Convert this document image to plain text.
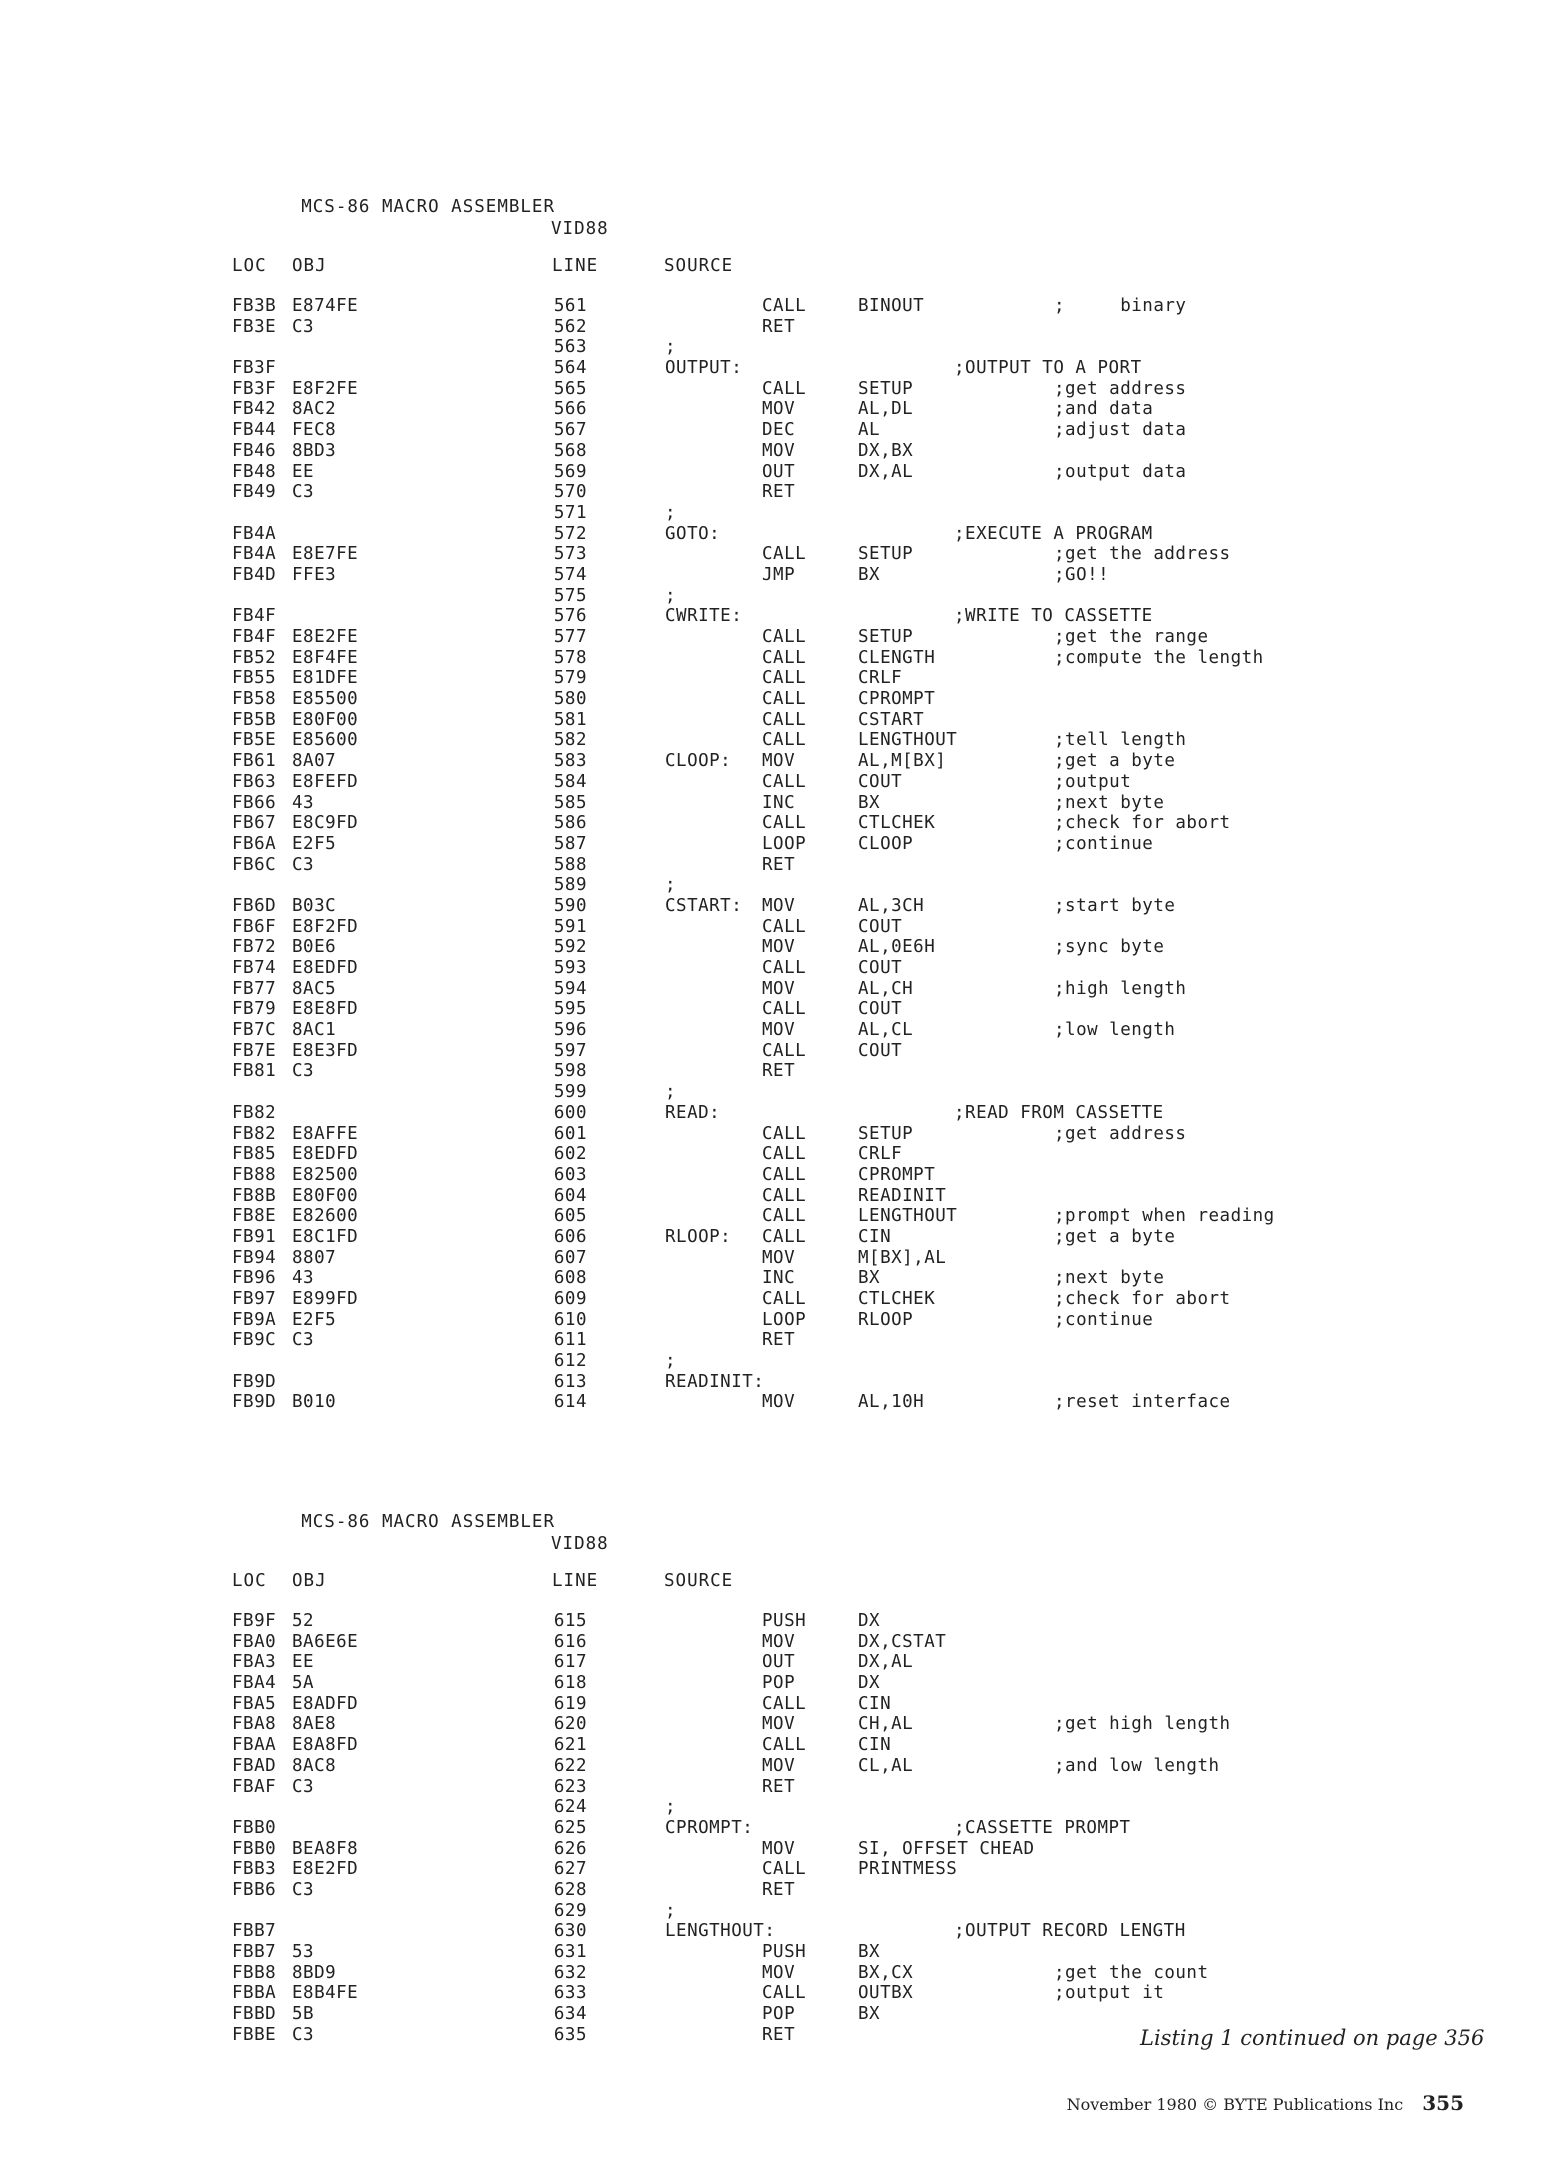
MCS-86 MACRO ASSEMBLER

VID88

LOC OBJ	LINE	SOURCE
FB3B E874FE	561	CALL	BINOUT	;     binary
FB3E C3	562	RET
563	;
FB3F	564	OUTPUT:	;OUTPUT TO A PORT
FB3F E8F2FE	565	CALL	SETUP	;get address
FB42 8AC2	566	MOV	AL,DL	;and data
FB44 FEC8	567	DEC	AL	;adjust data
FB46 8BD3	568	MOV	DX,BX
FB48 EE	569	OUT	DX,AL	;output data
FB49 C3	570	RET
571	;
FB4A	572	GOTO:	;EXECUTE A PROGRAM
FB4A E8E7FE	573	CALL	SETUP	;get the address
FB4D FFE3	574	JMP	BX	;GO!!
575	;
FB4F	576	CWRITE:	;WRITE TO CASSETTE
FB4F E8E2FE	577	CALL	SETUP	;get the range
FB52 E8F4FE	578	CALL	CLENGTH	;compute the length
FB55 E81DFE	579	CALL	CRLF
FB58 E85500	580	CALL	CPROMPT
FB5B E80F00	581	CALL	CSTART
FB5E E85600	582	CALL	LENGTHOUT	;tell length
FB61 8A07	583	CLOOP: MOV	AL,M[BX]	;get a byte
FB63 E8FEFD	584	CALL	COUT	;output
FB66 43	585	INC	BX	;next byte
FB67 E8C9FD	586	CALL	CTLCHEK	;check for abort
FB6A E2F5	587	LOOP	CLOOP	;continue
FB6C C3	588	RET
589	;
FB6D B03C	590	CSTART: MOV	AL,3CH	;start byte
FB6F E8F2FD	591	CALL	COUT
FB72 B0E6	592	MOV	AL,0E6H	;sync byte
FB74 E8EDFD	593	CALL	COUT
FB77 8AC5	594	MOV	AL,CH	;high length
FB79 E8E8FD	595	CALL	COUT
FB7C 8AC1	596	MOV	AL,CL	;low length
FB7E E8E3FD	597	CALL	COUT
FB81 C3	598	RET
599	;
FB82	600	READ:	;READ FROM CASSETTE
FB82 E8AFFE	601	CALL	SETUP	;get address
FB85 E8EDFD	602	CALL	CRLF
FB88 E82500	603	CALL	CPROMPT
FB8B E80F00	604	CALL	READINIT
FB8E E82600	605	CALL	LENGTHOUT	;prompt when reading
FB91 E8C1FD	606	RLOOP: CALL	CIN	;get a byte
FB94 8807	607	MOV	M[BX],AL
FB96 43	608	INC	BX	;next byte
FB97 E899FD	609	CALL	CTLCHEK	;check for abort
FB9A E2F5	610	LOOP	RLOOP	;continue
FB9C C3	611	RET
612	;
FB9D	613	READINIT:
FB9D B010	614	MOV	AL,10H	;reset interface

MCS-86 MACRO ASSEMBLER

VID88

LOC OBJ	LINE	SOURCE
FB9F 52	615	PUSH	DX
FBA0 BA6E6E	616	MOV	DX,CSTAT
FBA3 EE	617	OUT	DX,AL
FBA4 5A	618	POP	DX
FBA5 E8ADFD	619	CALL	CIN
FBA8 8AE8	620	MOV	CH,AL	;get high length
FBAA E8A8FD	621	CALL	CIN
FBAD 8AC8	622	MOV	CL,AL	;and low length
FBAF C3	623	RET
624	;
FBB0	625	CPROMPT:	;CASSETTE PROMPT
FBB0 BEA8F8	626	MOV	SI, OFFSET CHEAD
FBB3 E8E2FD	627	CALL	PRINTMESS
FBB6 C3	628	RET
629	;
FBB7	630	LENGTHOUT:	;OUTPUT RECORD LENGTH
FBB7 53	631	PUSH	BX
FBB8 8BD9	632	MOV	BX,CX	;get the count
FBBA E8B4FE	633	CALL	OUTBX	;output it
FBBD 5B	634	POP	BX
FBBE C3	635	RET	Listing 1 continued on page 356
November 1980 © BYTE Publications Inc 355
